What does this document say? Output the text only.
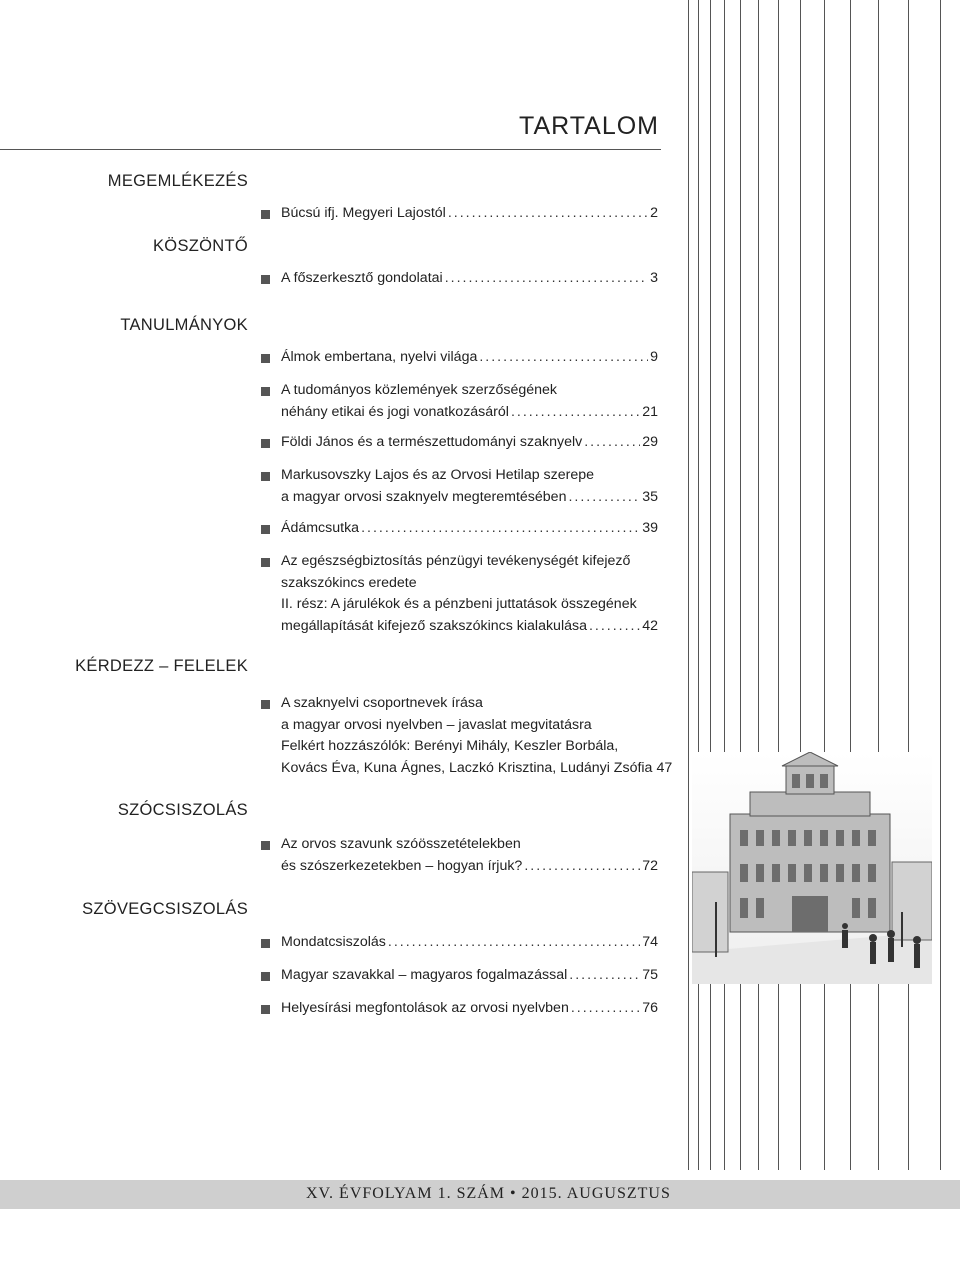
TARTALOM
MEGEMLÉKEZÉS
Búcsú ifj. Megyeri Lajostól .....	2
KÖSZÖNTŐ
A főszerkesztő gondolatai .....	3
TANULMÁNYOK
Álmok embertana, nyelvi világa .....	9
A tudományos közlemények szerzőségének
néhány etikai és jogi vonatkozásáról .....	21
Földi János és a természettudományi szaknyelv .....	29
Markusovszky Lajos és az Orvosi Hetilap szerepe
a magyar orvosi szaknyelv megteremtésében .....	35
Ádámcsutka .....	39
Az egészségbiztosítás pénzügyi tevékenységét kifejező
szakszókincs eredete
II. rész: A járulékok és a pénzbeni juttatások összegének
megállapítását kifejező szakszókincs kialakulása .....	42
KÉRDEZZ – FELELEK
A szaknyelvi csoportnevek írása
a magyar orvosi nyelvben – javaslat megvitatásra
Felkért hozzászólók: Berényi Mihály, Keszler Borbála,
Kovács Éva, Kuna Ágnes, Laczkó Krisztina, Ludányi Zsófia 47
SZÓCSISZOLÁS
Az orvos szavunk szóösszetételekben
és szószerkezetekben – hogyan írjuk? .....	72
SZÖVEGCSISZOLÁS
Mondatcsiszolás .....	74
Magyar szavakkal – magyaros fogalmazással .....	75
Helyesírási megfontolások az orvosi nyelvben .....	76
XV. ÉVFOLYAM 1. SZÁM • 2015. AUGUSZTUS
